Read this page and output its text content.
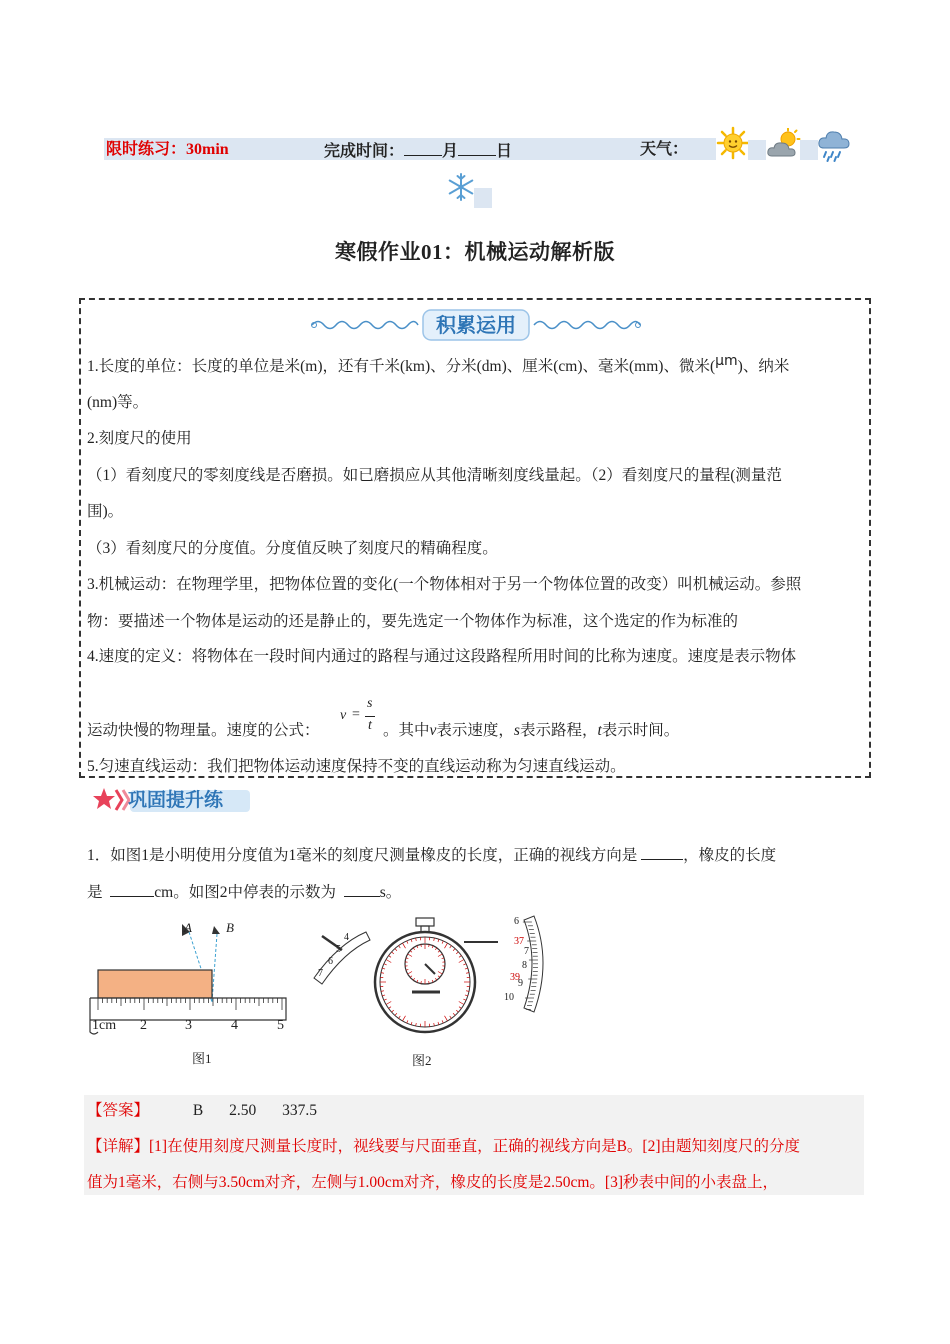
限时练习：30min	完成时间： 月 日	天气：
寒假作业01：机械运动解析版
积累运用
1.长度的单位：长度的单位是米(m)，还有千米(km)、分米(dm)、厘米(cm)、毫米(mm)、微米(μm)、纳米
(nm)等。
2.刻度尺的使用
（1）看刻度尺的零刻度线是否磨损。如已磨损应从其他清晰刻度线量起。（2）看刻度尺的量程(测量范
围)。
（3）看刻度尺的分度值。分度值反映了刻度尺的精确程度。
3.机械运动：在物理学里，把物体位置的变化(一个物体相对于另一个物体位置的改变）叫机械运动。参照
物：要描述一个物体是运动的还是静止的，要先选定一个物体作为标准，这个选定的作为标准的
4.速度的定义：将物体在一段时间内通过的路程与通过这段路程所用时间的比称为速度。速度是表示物体
运动快慢的物理量。速度的公式：
v =
s
t 。其中v表示速度，s表示路程，t表示时间。
5.匀速直线运动：我们把物体运动速度保持不变的直线运动称为匀速直线运动。
巩固提升练
1．如图1是小明使用分度值为1毫米的刻度尺测量橡皮的长度，正确的视线方向是	，橡皮的长度
是	cm。如图2中停表的示数为	s。
A	B
1cm 2	3	4	5
图1
4
5
6
7
6
37
7
8
39
9
10
图2
【答案】	B 2.50 337.5
【详解】[1]在使用刻度尺测量长度时，视线要与尺面垂直，正确的视线方向是B。[2]由题知刻度尺的分度
值为1毫米，右侧与3.50cm对齐，左侧与1.00cm对齐，橡皮的长度是2.50cm。[3]秒表中间的小表盘上，
